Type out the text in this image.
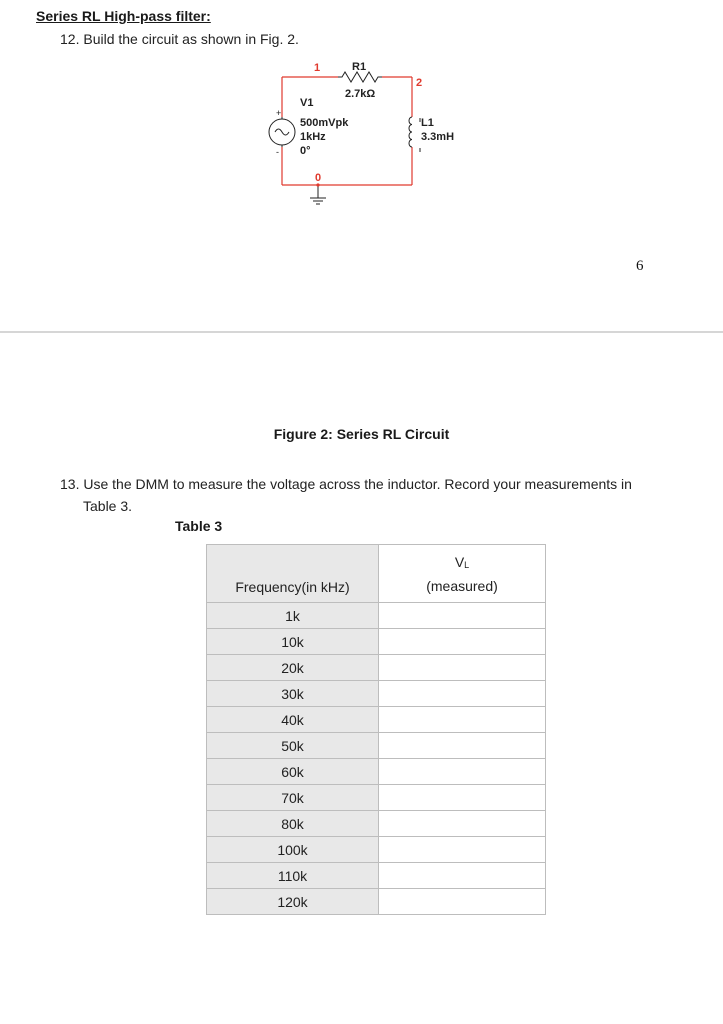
Series RL High-pass filter:
12. Build the circuit as shown in Fig. 2.
+
-
1
2
0
R1
2.7kΩ
V1
500mVpk
1kHz
0°
L1
3.3mH
6
Figure 2: Series RL Circuit
13. Use the DMM to measure the voltage across the inductor. Record your measurements in
Table 3.
Table 3
Frequency(in kHz)	VL
(measured)

1k	
10k	
20k	
30k	
40k	
50k	
60k	
70k	
80k	
100k	
110k	
120k	
